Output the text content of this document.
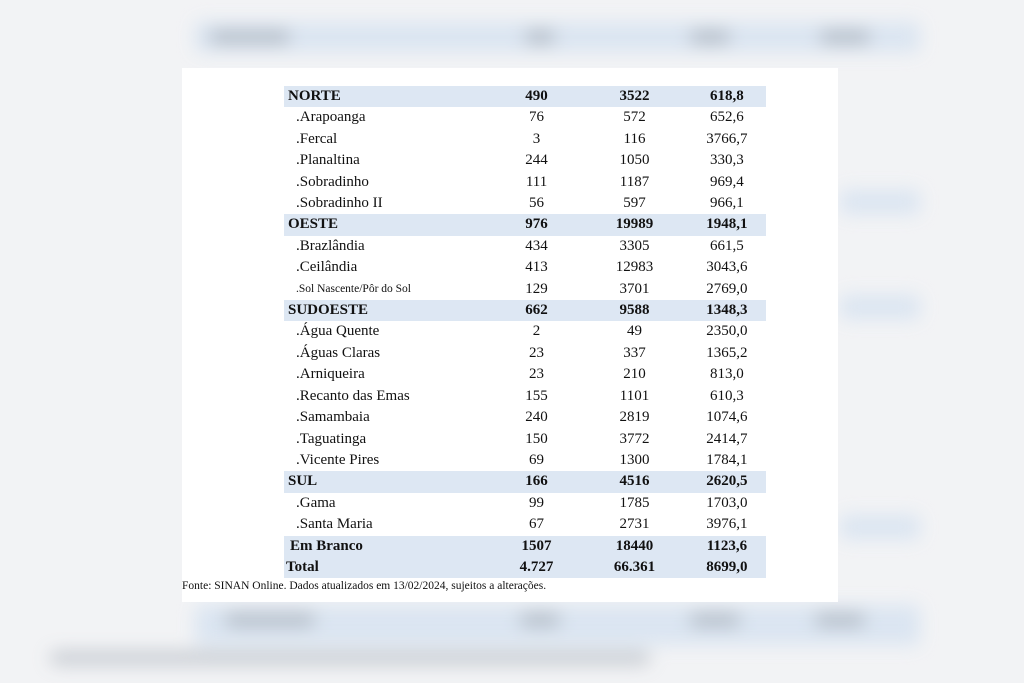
NORTE	490	3522	618,8
.Arapoanga	76	572	652,6
.Fercal	3	116	3766,7
.Planaltina	244	1050	330,3
.Sobradinho	111	1187	969,4
.Sobradinho II	56	597	966,1
OESTE	976	19989	1948,1
.Brazlândia	434	3305	661,5
.Ceilândia	413	12983	3043,6
.Sol Nascente/Pôr do Sol	129	3701	2769,0
SUDOESTE	662	9588	1348,3
.Água Quente	2	49	2350,0
.Águas Claras	23	337	1365,2
.Arniqueira	23	210	813,0
.Recanto das Emas	155	1101	610,3
.Samambaia	240	2819	1074,6
.Taguatinga	150	3772	2414,7
.Vicente Pires	69	1300	1784,1
SUL	166	4516	2620,5
.Gama	99	1785	1703,0
.Santa Maria	67	2731	3976,1
Em Branco	1507	18440	1123,6
Total	4.727	66.361	8699,0
Fonte: SINAN Online. Dados atualizados em 13/02/2024, sujeitos a alterações.
